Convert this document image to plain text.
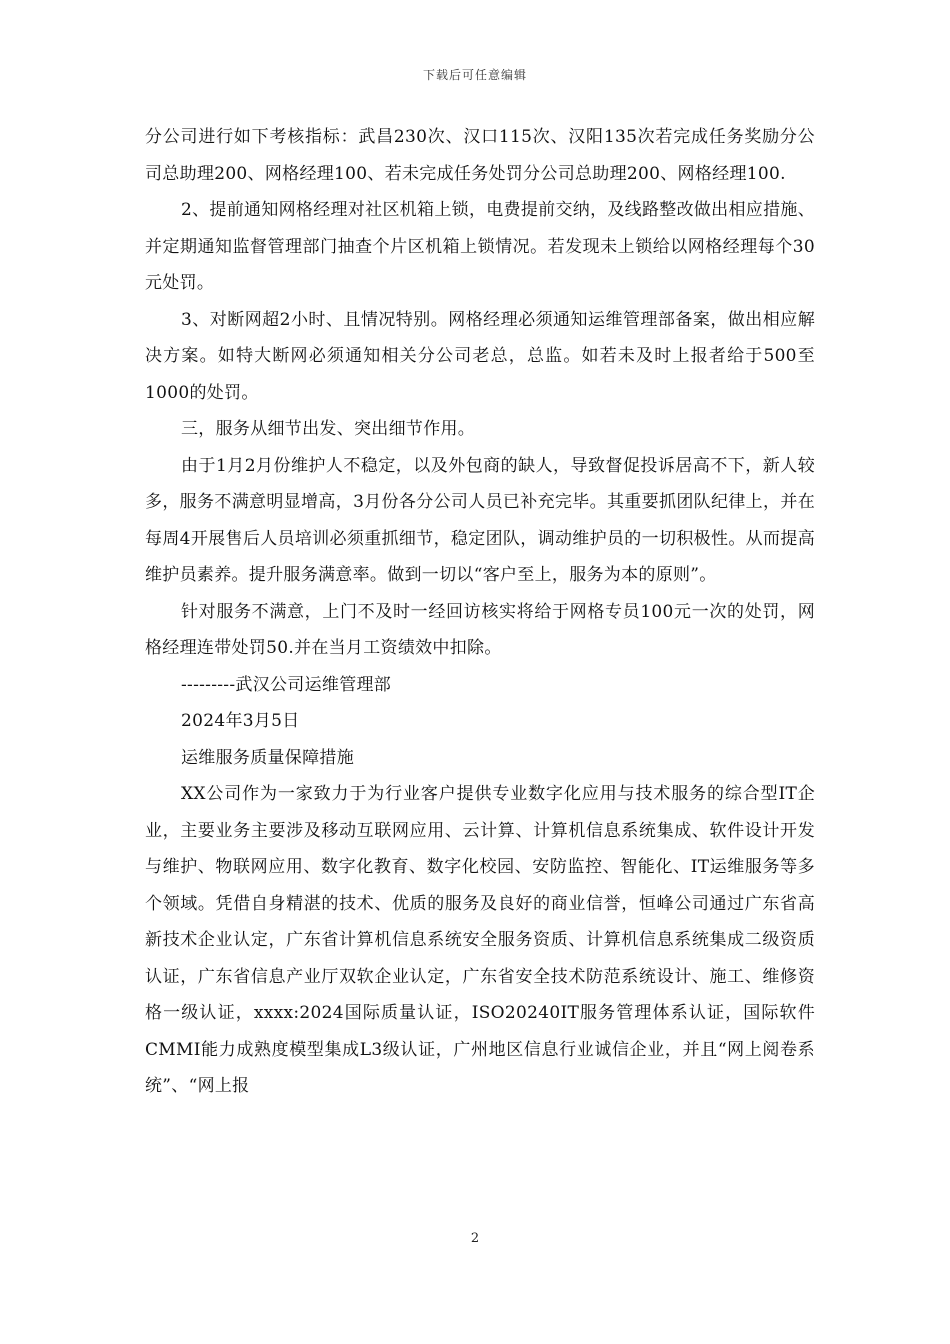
下载后可任意编辑

分公司进行如下考核指标：武昌230次、汉口115次、汉阳135次若完成任务奖励分公司总助理200、网格经理100、若未完成任务处罚分公司总助理200、网格经理100.

2、提前通知网格经理对社区机箱上锁，电费提前交纳，及线路整改做出相应措施、并定期通知监督管理部门抽查个片区机箱上锁情况。若发现未上锁给以网格经理每个30元处罚。

3、对断网超2小时、且情况特别。网格经理必须通知运维管理部备案，做出相应解决方案。如特大断网必须通知相关分公司老总，总监。如若未及时上报者给于500至1000的处罚。

三，服务从细节出发、突出细节作用。

由于1月2月份维护人不稳定，以及外包商的缺人，导致督促投诉居高不下，新人较多，服务不满意明显增高，3月份各分公司人员已补充完毕。其重要抓团队纪律上，并在每周4开展售后人员培训必须重抓细节，稳定团队，调动维护员的一切积极性。从而提高维护员素养。提升服务满意率。做到一切以“客户至上，服务为本的原则”。

针对服务不满意，上门不及时一经回访核实将给于网格专员100元一次的处罚，网格经理连带处罚50.并在当月工资绩效中扣除。

---------武汉公司运维管理部

2024年3月5日

运维服务质量保障措施

XX公司作为一家致力于为行业客户提供专业数字化应用与技术服务的综合型IT企业，主要业务主要涉及移动互联网应用、云计算、计算机信息系统集成、软件设计开发与维护、物联网应用、数字化教育、数字化校园、安防监控、智能化、IT运维服务等多个领域。凭借自身精湛的技术、优质的服务及良好的商业信誉，恒峰公司通过广东省高新技术企业认定，广东省计算机信息系统安全服务资质、计算机信息系统集成二级资质认证，广东省信息产业厅双软企业认定，广东省安全技术防范系统设计、施工、维修资格一级认证，xxxx:2024国际质量认证，ISO20240IT服务管理体系认证，国际软件CMMI能力成熟度模型集成L3级认证，广州地区信息行业诚信企业，并且“网上阅卷系统”、“网上报

2
